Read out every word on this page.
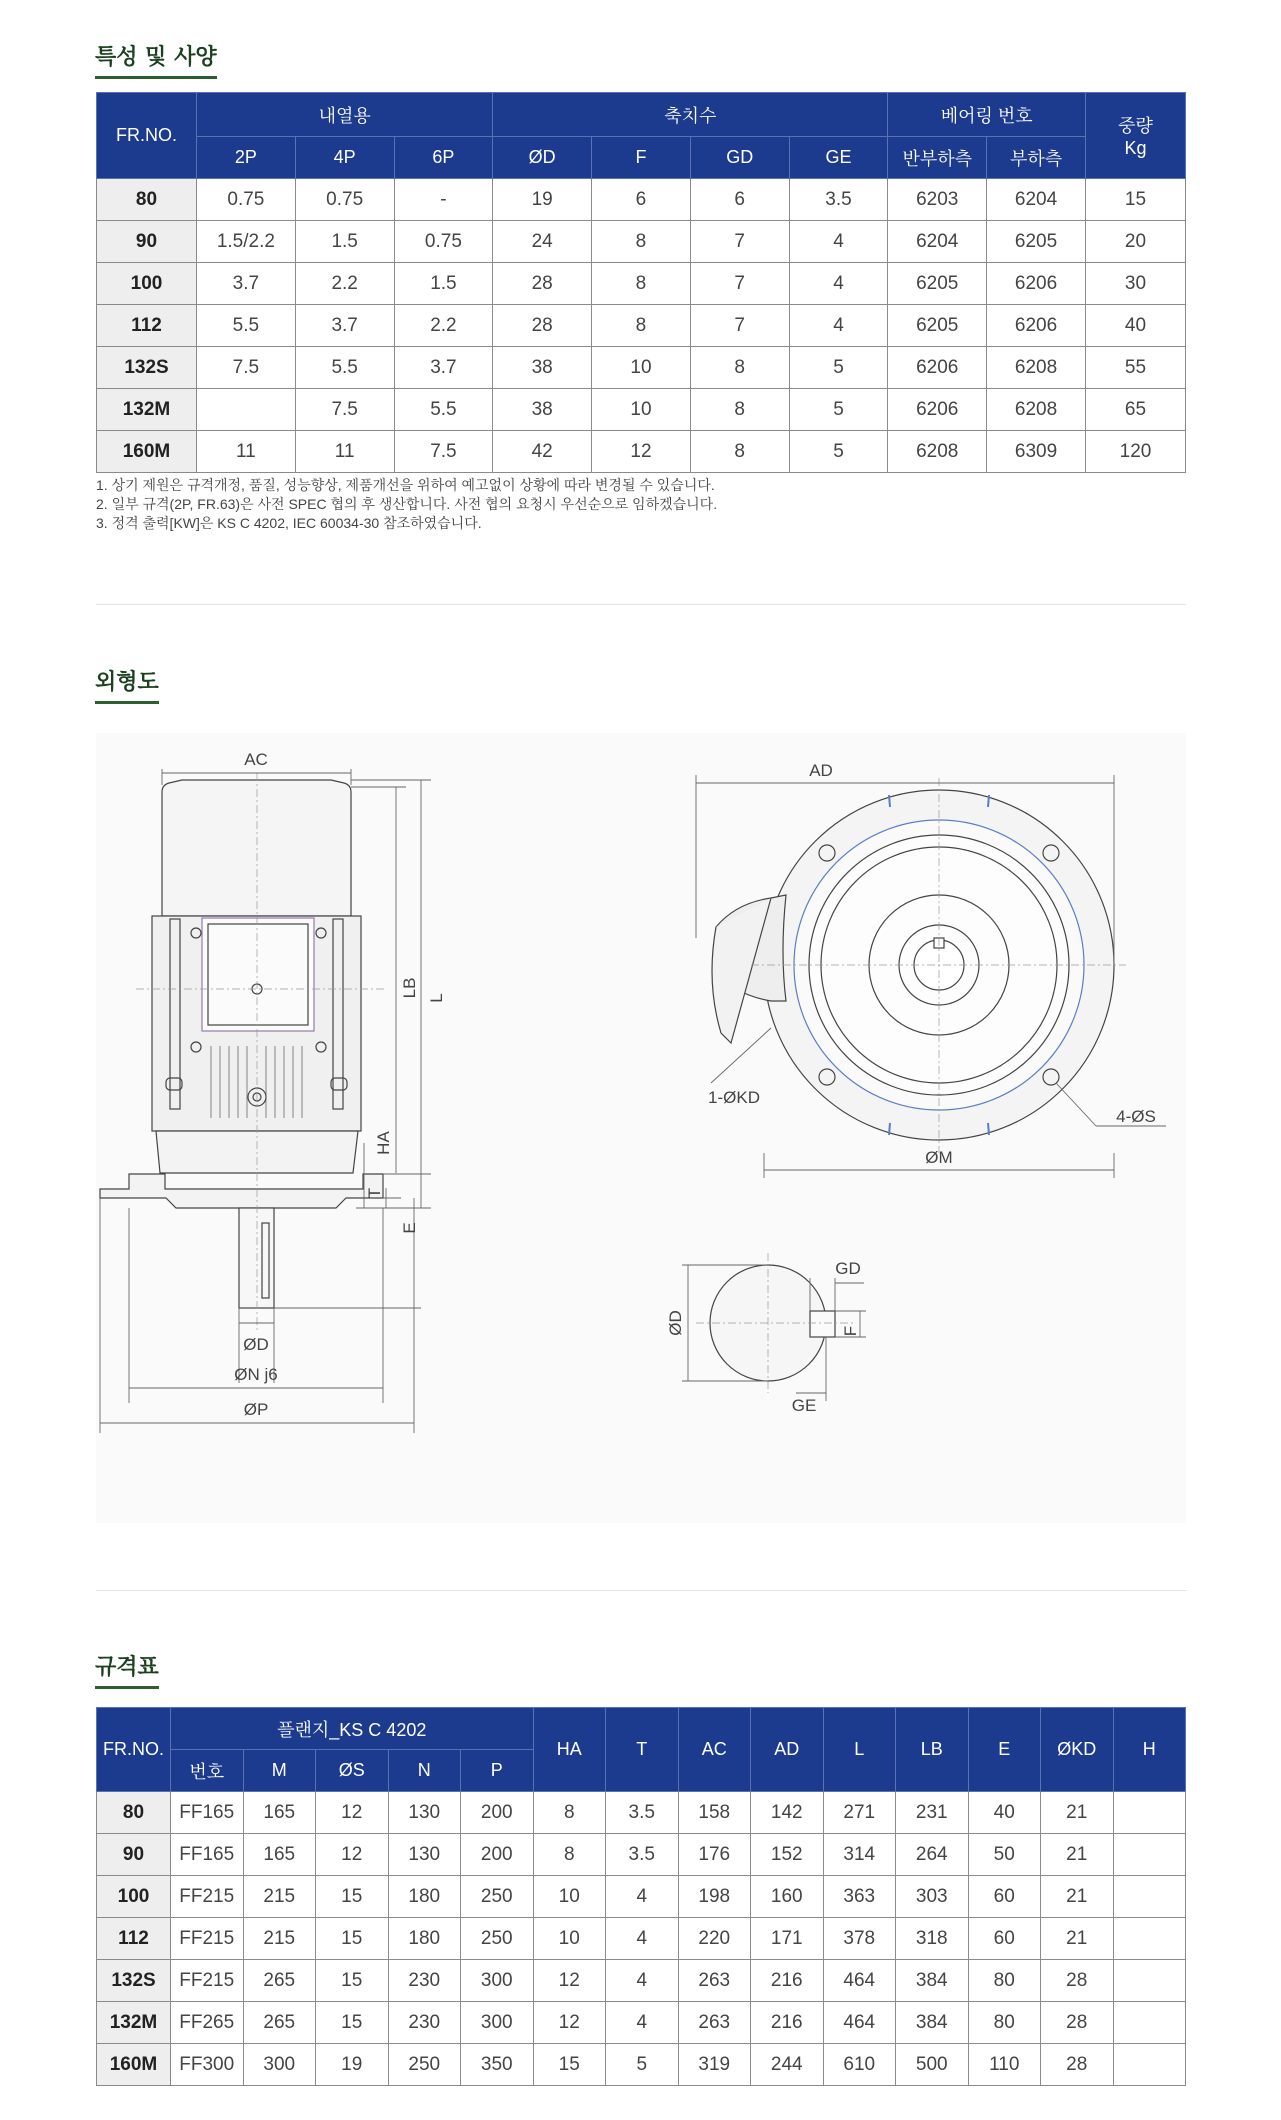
특성 및 사양
FR.NO.	내열용			축치수				베어링 번호		중량
Kg

	2P	4P	6P	ØD	F	GD	GE	반부하측	부하측	
80	0.75	0.75	-	19	6	6	3.5	6203	6204	15
90	1.5/2.2	1.5	0.75	24	8	7	4	6204	6205	20
100	3.7	2.2	1.5	28	8	7	4	6205	6206	30
112	5.5	3.7	2.2	28	8	7	4	6205	6206	40
132S	7.5	5.5	3.7	38	10	8	5	6206	6208	55
132M		7.5	5.5	38	10	8	5	6206	6208	65
160M	11	11	7.5	42	12	8	5	6208	6309	120
1. 상기 제원은 규격개정, 품질, 성능향상, 제품개선을 위하여 예고없이 상황에 따라 변경될 수 있습니다.
2. 일부 규격(2P, FR.63)은 사전 SPEC 협의 후 생산합니다. 사전 협의 요청시 우선순으로 임하겠습니다.
3. 정격 출력[KW]은 KS C 4202, IEC 60034-30 참조하였습니다.
외형도
AC
LB L
HA
T
E
ØD
ØN j6
ØP
AD
1-ØKD
4-ØS
ØM
GD
F
GE
ØD
규격표
FR.NO.	플랜지_KS C 4202					HA	T	AC	AD	L	LB	E	ØKD	H
	번호	M	ØS	N	P									
80	FF165	165	12	130	200	8	3.5	158	142	271	231	40	21	
90	FF165	165	12	130	200	8	3.5	176	152	314	264	50	21	
100	FF215	215	15	180	250	10	4	198	160	363	303	60	21	
112	FF215	215	15	180	250	10	4	220	171	378	318	60	21	
132S	FF215	265	15	230	300	12	4	263	216	464	384	80	28	
132M	FF265	265	15	230	300	12	4	263	216	464	384	80	28	
160M	FF300	300	19	250	350	15	5	319	244	610	500	110	28	
